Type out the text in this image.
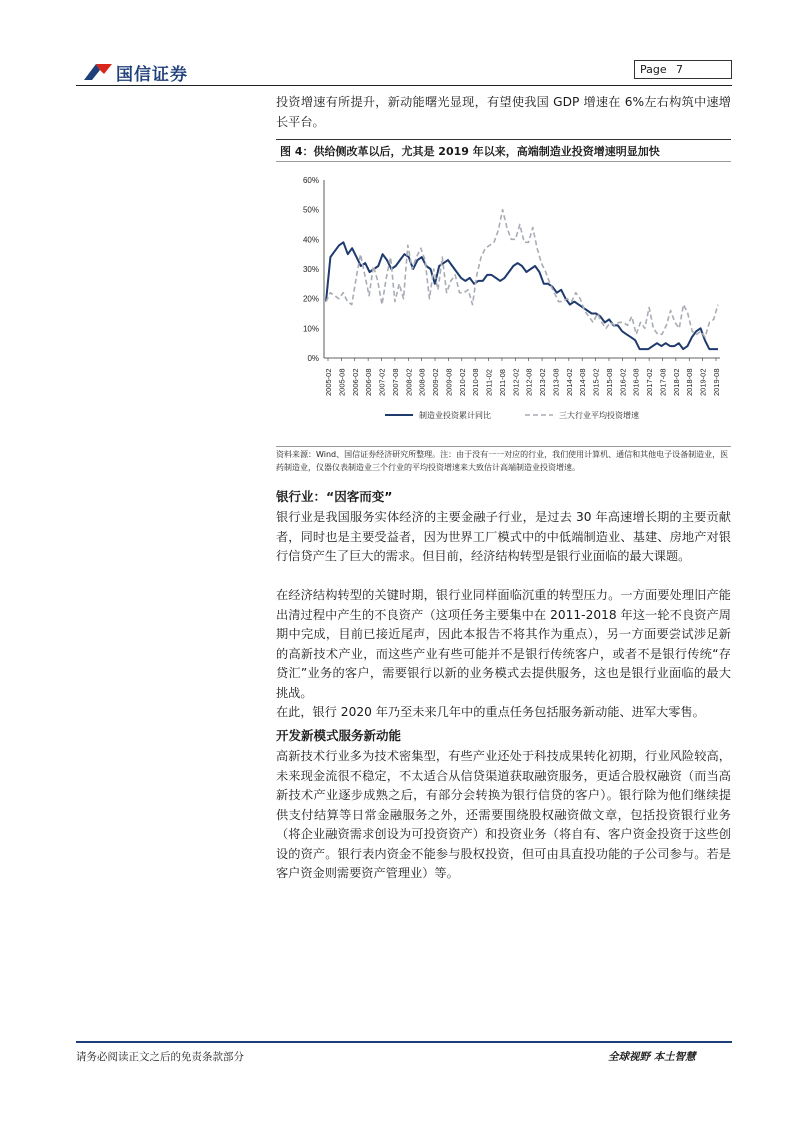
国信证券	Page 7
投资增速有所提升，新动能曙光显现，有望使我国 GDP 增速在 6%左右构筑中速增长平台。
图 4：供给侧改革以后，尤其是 2019 年以来，高端制造业投资增速明显加快
60%
50%
40%
30%
20%
10%
0%
2005-02 2005-08 2006-02 2006-08 2007-02 2007-08 2008-02 2008-08 2009-02 2009-08 2010-02 2010-08 2011-02 2011-08 2012-02 2012-08 2013-02 2013-08 2014-02 2014-08 2015-02 2015-08 2016-02 2016-08 2017-02 2017-08 2018-02 2018-08 2019-02 2019-08
制造业投资累计同比	三大行业平均投资增速
资料来源：Wind、国信证券经济研究所整理。注：由于没有一一对应的行业，我们使用计算机、通信和其他电子设备制造业，医药制造业，仪器仪表制造业三个行业的平均投资增速来大致估计高端制造业投资增速。
银行业：“因客而变”
银行业是我国服务实体经济的主要金融子行业，是过去 30 年高速增长期的主要贡献者，同时也是主要受益者，因为世界工厂模式中的中低端制造业、基建、房地产对银行信贷产生了巨大的需求。但目前，经济结构转型是银行业面临的最大课题。
在经济结构转型的关键时期，银行业同样面临沉重的转型压力。一方面要处理旧产能出清过程中产生的不良资产（这项任务主要集中在 2011-2018 年这一轮不良资产周期中完成，目前已接近尾声，因此本报告不将其作为重点），另一方面要尝试涉足新的高新技术产业，而这些产业有些可能并不是银行传统客户，或者不是银行传统“存贷汇”业务的客户，需要银行以新的业务模式去提供服务，这也是银行业面临的最大挑战。
在此，银行 2020 年乃至未来几年中的重点任务包括服务新动能、进军大零售。
开发新模式服务新动能
高新技术行业多为技术密集型，有些产业还处于科技成果转化初期，行业风险较高，未来现金流很不稳定，不太适合从信贷渠道获取融资服务，更适合股权融资（而当高新技术产业逐步成熟之后，有部分会转换为银行信贷的客户）。银行除为他们继续提供支付结算等日常金融服务之外，还需要围绕股权融资做文章，包括投资银行业务（将企业融资需求创设为可投资资产）和投资业务（将自有、客户资金投资于这些创设的资产。银行表内资金不能参与股权投资，但可由具直投功能的子公司参与。若是客户资金则需要资产管理业）等。
请务必阅读正文之后的免责条款部分	全球视野 本土智慧
